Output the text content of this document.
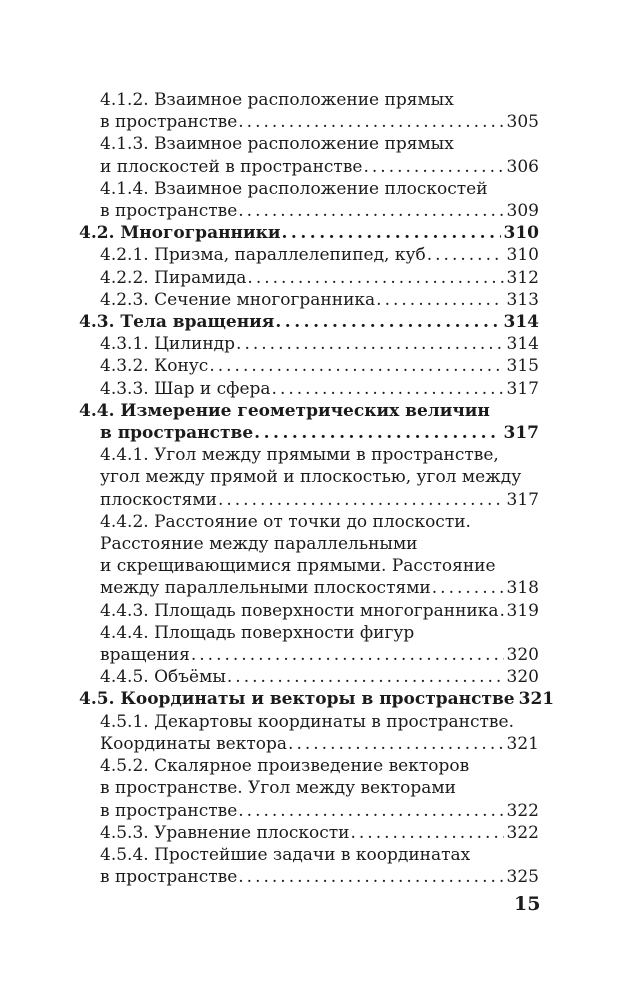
4.1.2. Взаимное расположение прямых
в пространстве . . .	305
4.1.3. Взаимное расположение прямых
и плоскостей в пространстве . . .	306
4.1.4. Взаимное расположение плоскостей
в пространстве . . .	309
4.2. Многогранники . . .	310
4.2.1. Призма, параллелепипед, куб . . .	310
4.2.2. Пирамида . . .	312
4.2.3. Сечение многогранника . . .	313
4.3. Тела вращения . . .	314
4.3.1. Цилиндр . . .	314
4.3.2. Конус . . .	315
4.3.3. Шар и сфера . . .	317
4.4. Измерение геометрических величин
в пространстве . . .	317
4.4.1. Угол между прямыми в пространстве,
угол между прямой и плоскостью, угол между
плоскостями . . .	317
4.4.2. Расстояние от точки до плоскости.
Расстояние между параллельными
и скрещивающимися прямыми. Расстояние
между параллельными плоскостями . . .	318
4.4.3. Площадь поверхности многогранника . . . 319
4.4.4. Площадь поверхности фигур
вращения . . .	320
4.4.5. Объёмы . . .	320
4.5. Координаты и векторы в пространстве 321
4.5.1. Декартовы координаты в пространстве.
Координаты вектора . . .	321
4.5.2. Скалярное произведение векторов
в пространстве. Угол между векторами
в пространстве . . .	322
4.5.3. Уравнение плоскости . . .	322
4.5.4. Простейшие задачи в координатах
в пространстве . . .	325
15
